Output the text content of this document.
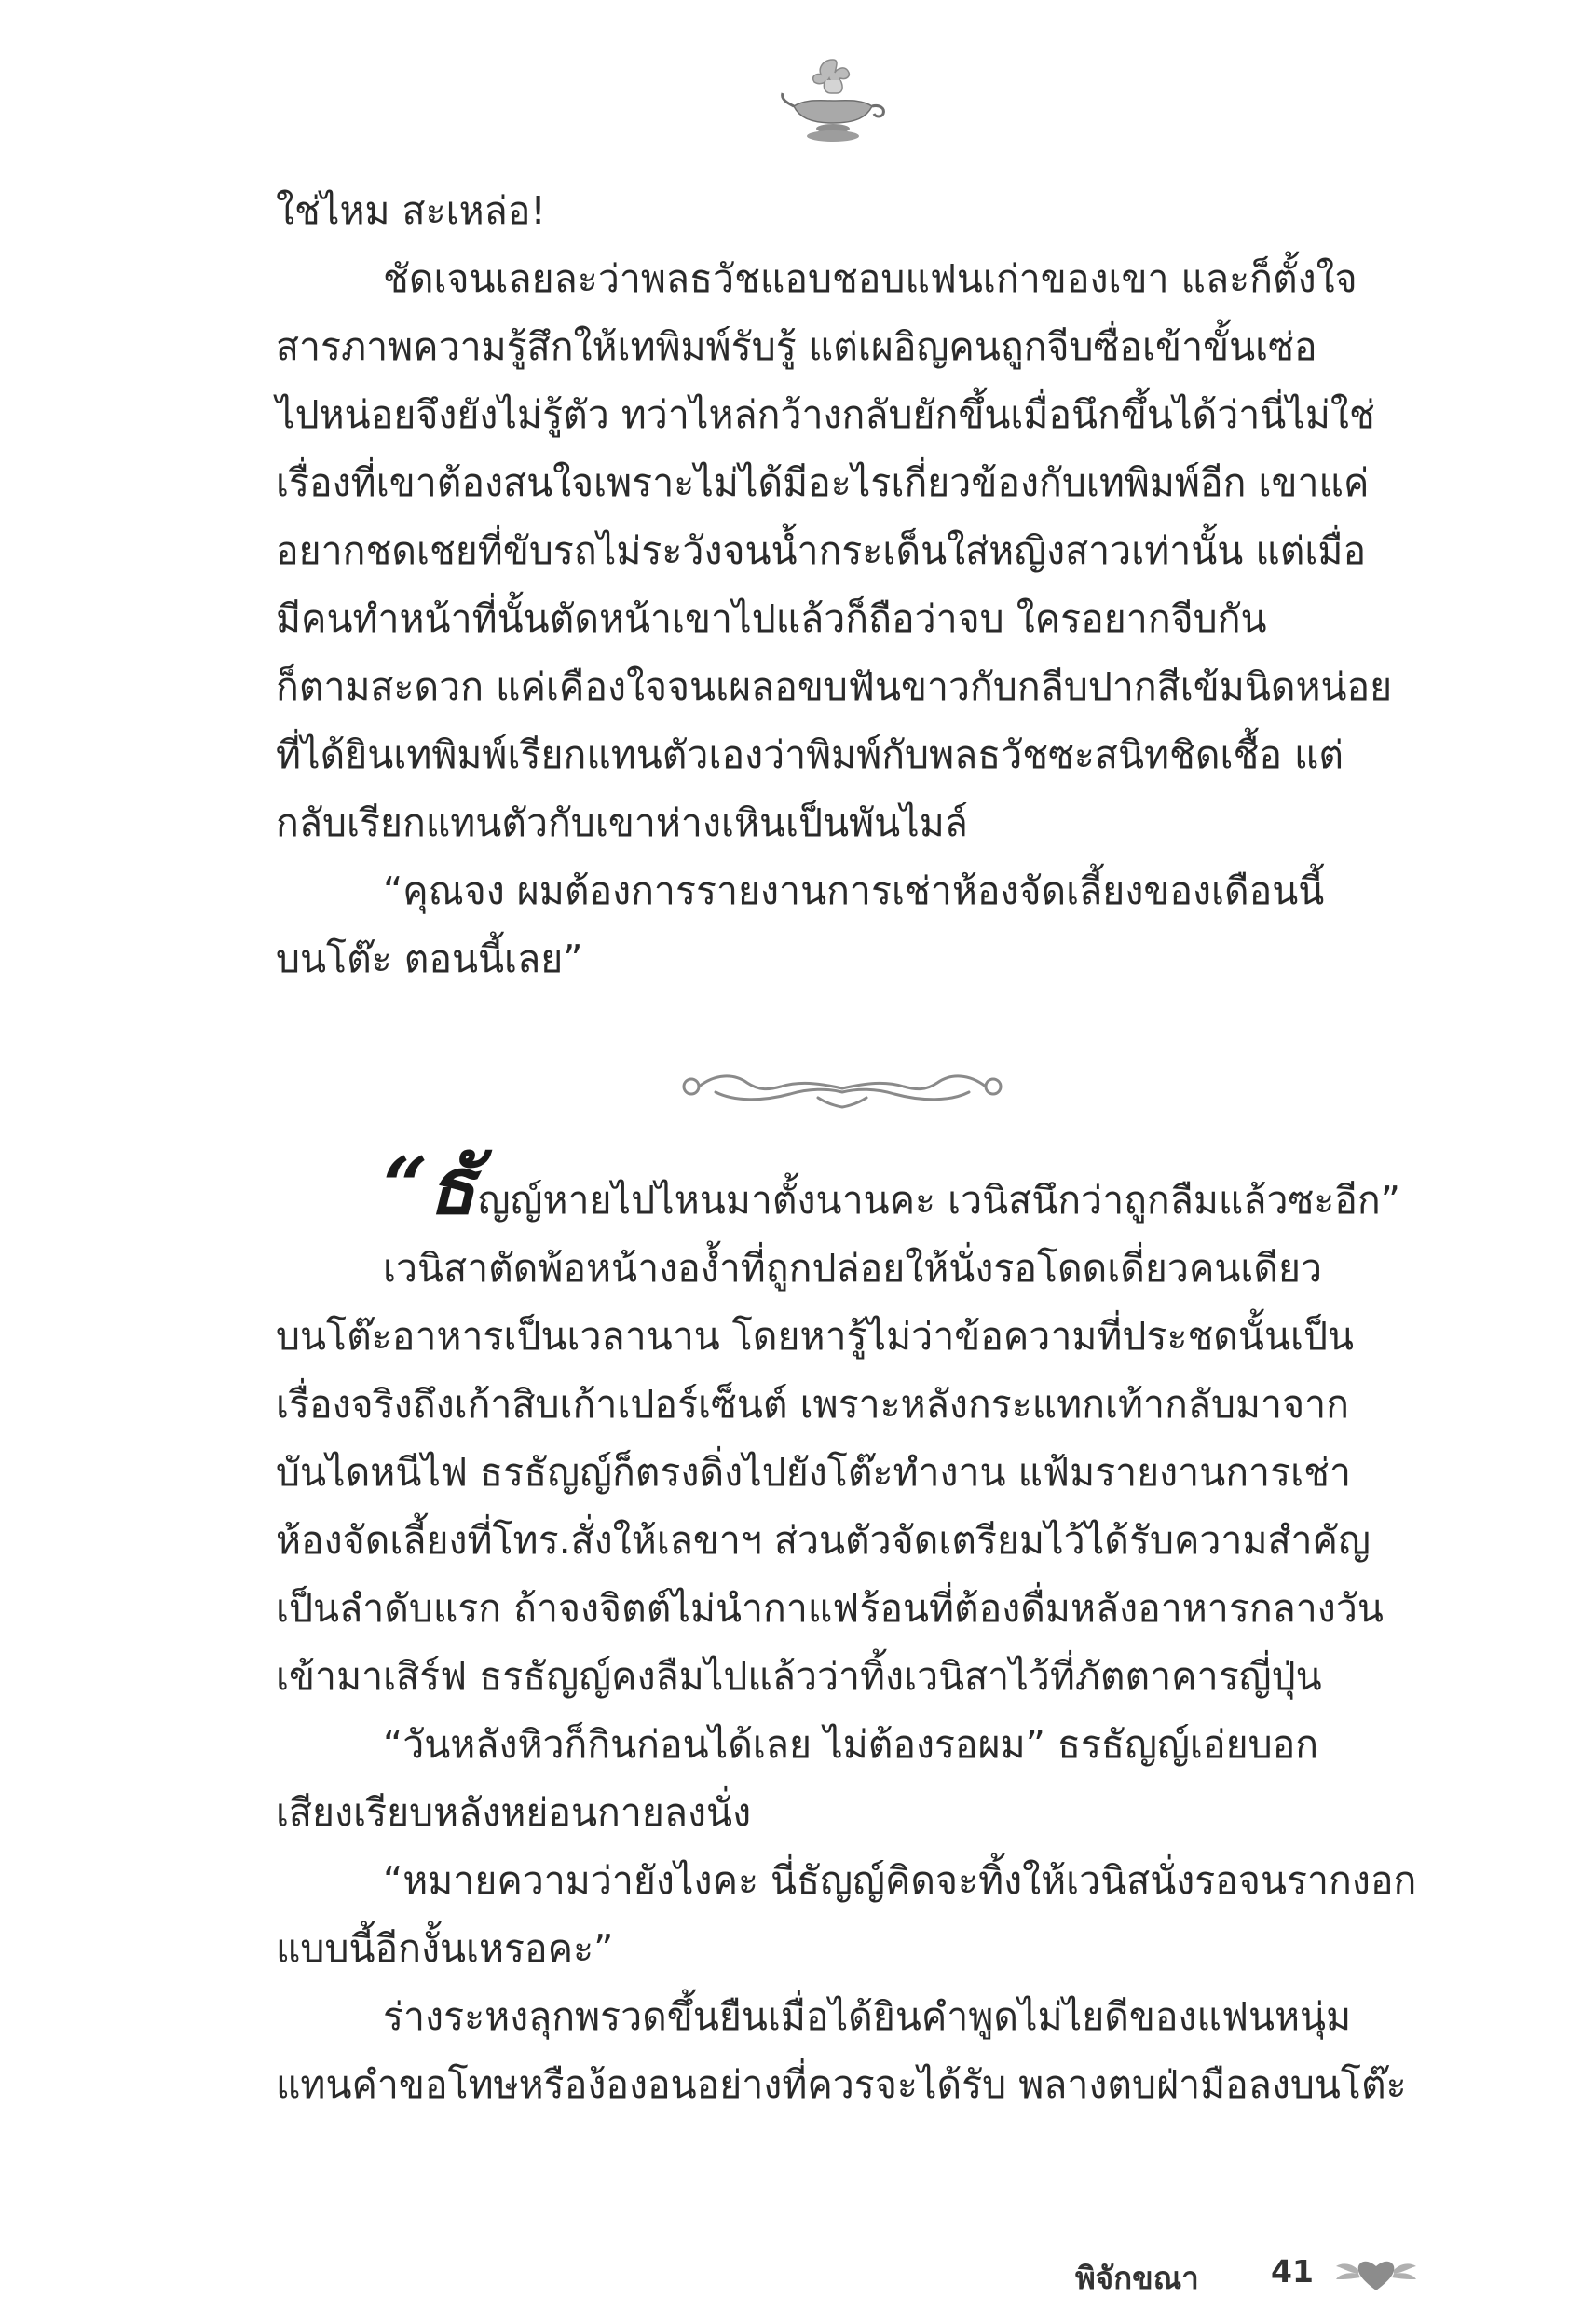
ใช่ไหม สะเหล่อ!
ชัดเจนเลยละว่าพลธวัชแอบชอบแฟนเก่าของเขา และก็ตั้งใจ
สารภาพความรู้สึกให้เทพิมพ์รับรู้ แต่เผอิญคนถูกจีบซื่อเข้าขั้นเซ่อ
ไปหน่อยจึงยังไม่รู้ตัว ทว่าไหล่กว้างกลับยักขึ้นเมื่อนึกขึ้นได้ว่านี่ไม่ใช่
เรื่องที่เขาต้องสนใจเพราะไม่ได้มีอะไรเกี่ยวข้องกับเทพิมพ์อีก เขาแค่
อยากชดเชยที่ขับรถไม่ระวังจนน้ำกระเด็นใส่หญิงสาวเท่านั้น แต่เมื่อ
มีคนทำหน้าที่นั้นตัดหน้าเขาไปแล้วก็ถือว่าจบ ใครอยากจีบกัน
ก็ตามสะดวก แค่เคืองใจจนเผลอขบฟันขาวกับกลีบปากสีเข้มนิดหน่อย
ที่ได้ยินเทพิมพ์เรียกแทนตัวเองว่าพิมพ์กับพลธวัชซะสนิทชิดเชื้อ แต่
กลับเรียกแทนตัวกับเขาห่างเหินเป็นพันไมล์
“คุณจง ผมต้องการรายงานการเช่าห้องจัดเลี้ยงของเดือนนี้
บนโต๊ะ ตอนนี้เลย”
“ธัญญ์หายไปไหนมาตั้งนานคะ เวนิสนึกว่าถูกลืมแล้วซะอีก”
เวนิสาตัดพ้อหน้างองํ้าที่ถูกปล่อยให้นั่งรอโดดเดี่ยวคนเดียว
บนโต๊ะอาหารเป็นเวลานาน โดยหารู้ไม่ว่าข้อความที่ประชดนั้นเป็น
เรื่องจริงถึงเก้าสิบเก้าเปอร์เซ็นต์ เพราะหลังกระแทกเท้ากลับมาจาก
บันไดหนีไฟ ธรธัญญ์ก็ตรงดิ่งไปยังโต๊ะทำงาน แฟ้มรายงานการเช่า
ห้องจัดเลี้ยงที่โทร.สั่งให้เลขาฯ ส่วนตัวจัดเตรียมไว้ได้รับความสำคัญ
เป็นลำดับแรก ถ้าจงจิตต์ไม่นำกาแฟร้อนที่ต้องดื่มหลังอาหารกลางวัน
เข้ามาเสิร์ฟ ธรธัญญ์คงลืมไปแล้วว่าทิ้งเวนิสาไว้ที่ภัตตาคารญี่ปุ่น
“วันหลังหิวก็กินก่อนได้เลย ไม่ต้องรอผม” ธรธัญญ์เอ่ยบอก
เสียงเรียบหลังหย่อนกายลงนั่ง
“หมายความว่ายังไงคะ นี่ธัญญ์คิดจะทิ้งให้เวนิสนั่งรอจนรากงอก
แบบนี้อีกงั้นเหรอคะ”
ร่างระหงลุกพรวดขึ้นยืนเมื่อได้ยินคำพูดไม่ไยดีของแฟนหนุ่ม
แทนคำขอโทษหรือง้องอนอย่างที่ควรจะได้รับ พลางตบฝ่ามือลงบนโต๊ะ
พิจักขณา 41
